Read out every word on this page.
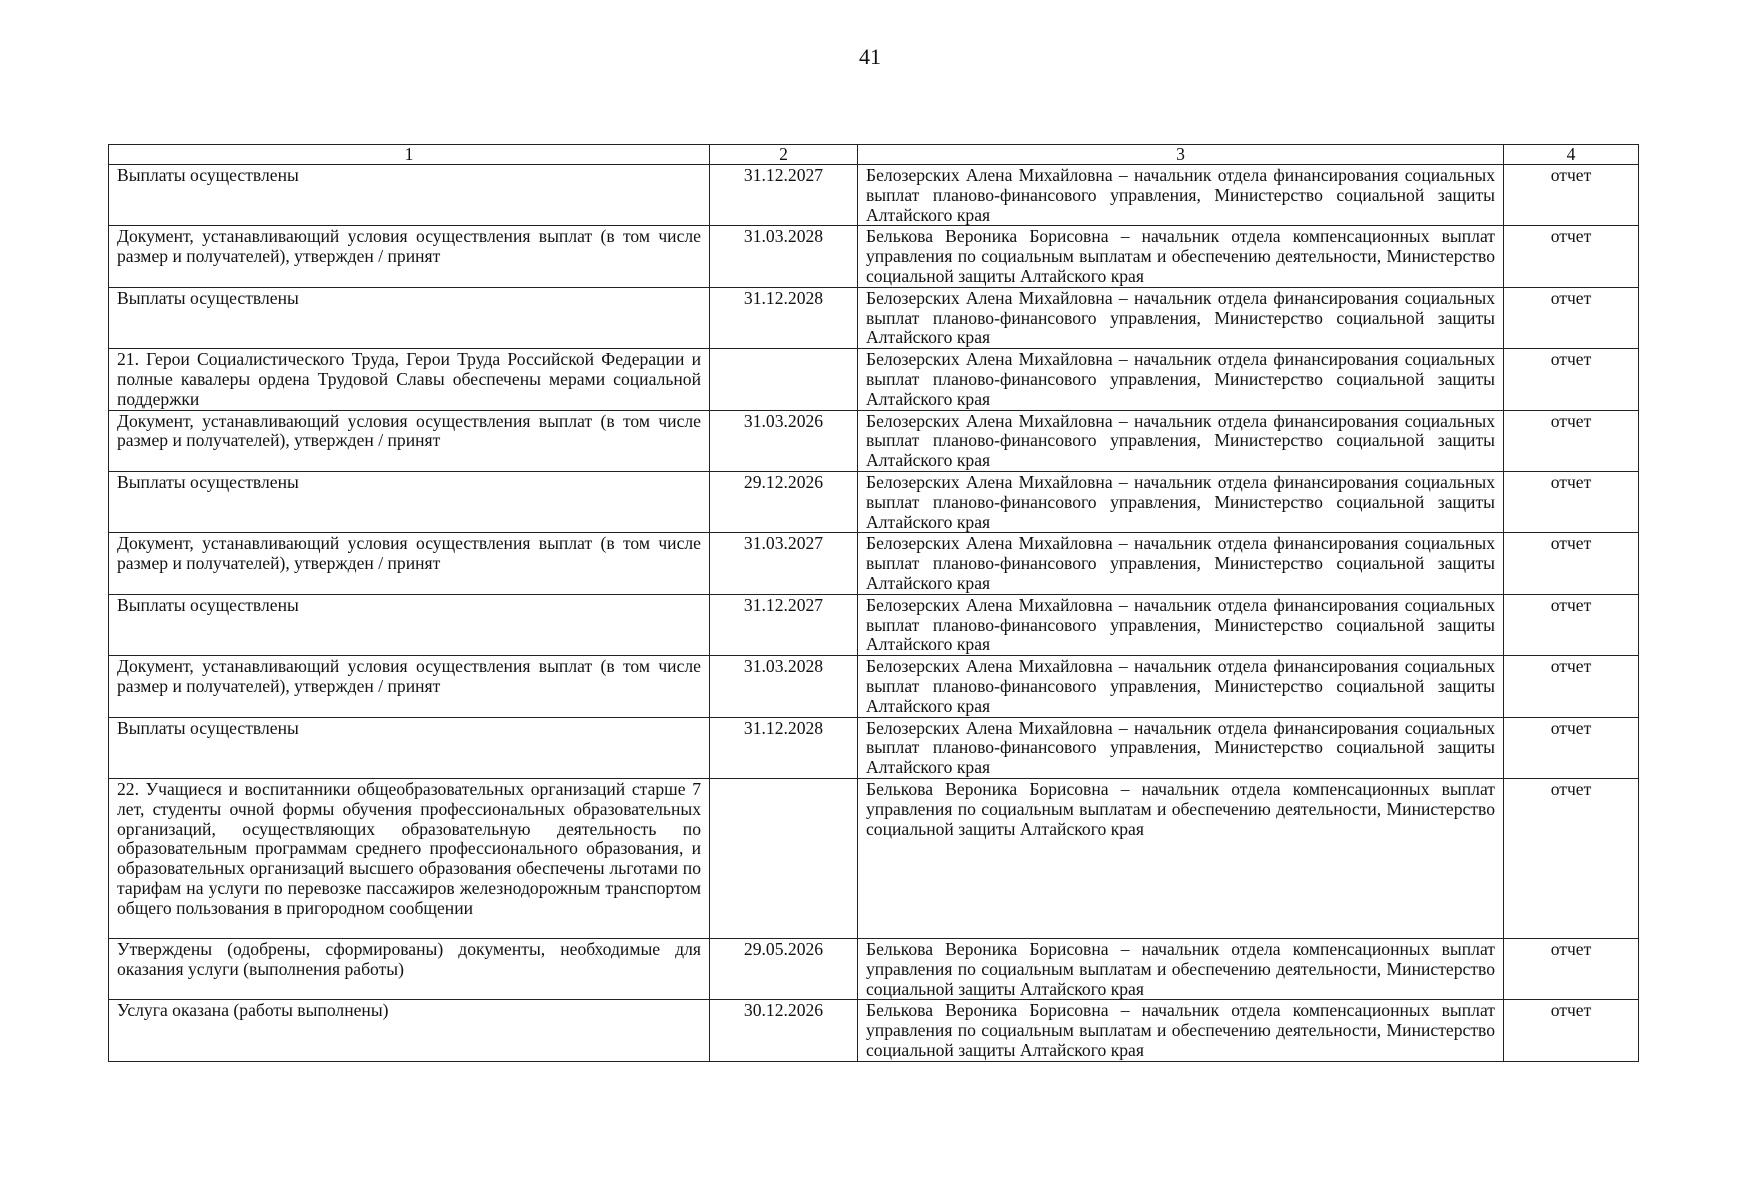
41
1	2	3	4
Выплаты осуществлены	31.12.2027	Белозерских Алена Михайловна – начальник отдела финансирования социальных выплат планово-финансового управления, Министерство социальной защиты Алтайского края	отчет
Документ, устанавливающий условия осуществления выплат (в том числе размер и получателей), утвержден / принят	31.03.2028	Белькова Вероника Борисовна – начальник отдела компенсационных выплат управления по социальным выплатам и обеспечению деятельности, Министерство социальной защиты Алтайского края	отчет
Выплаты осуществлены	31.12.2028	Белозерских Алена Михайловна – начальник отдела финансирования социальных выплат планово-финансового управления, Министерство социальной защиты Алтайского края	отчет
21. Герои Социалистического Труда, Герои Труда Российской Федерации и полные кавалеры ордена Трудовой Славы обеспечены мерами социальной поддержки		Белозерских Алена Михайловна – начальник отдела финансирования социальных выплат планово-финансового управления, Министерство социальной защиты Алтайского края	отчет
Документ, устанавливающий условия осуществления выплат (в том числе размер и получателей), утвержден / принят	31.03.2026	Белозерских Алена Михайловна – начальник отдела финансирования социальных выплат планово-финансового управления, Министерство социальной защиты Алтайского края	отчет
Выплаты осуществлены	29.12.2026	Белозерских Алена Михайловна – начальник отдела финансирования социальных выплат планово-финансового управления, Министерство социальной защиты Алтайского края	отчет
Документ, устанавливающий условия осуществления выплат (в том числе размер и получателей), утвержден / принят	31.03.2027	Белозерских Алена Михайловна – начальник отдела финансирования социальных выплат планово-финансового управления, Министерство социальной защиты Алтайского края	отчет
Выплаты осуществлены	31.12.2027	Белозерских Алена Михайловна – начальник отдела финансирования социальных выплат планово-финансового управления, Министерство социальной защиты Алтайского края	отчет
Документ, устанавливающий условия осуществления выплат (в том числе размер и получателей), утвержден / принят	31.03.2028	Белозерских Алена Михайловна – начальник отдела финансирования социальных выплат планово-финансового управления, Министерство социальной защиты Алтайского края	отчет
Выплаты осуществлены	31.12.2028	Белозерских Алена Михайловна – начальник отдела финансирования социальных выплат планово-финансового управления, Министерство социальной защиты Алтайского края	отчет
22. Учащиеся и воспитанники общеобразовательных организаций старше 7 лет, студенты очной формы обучения профессиональных образовательных организаций, осуществляющих образовательную деятельность по образовательным программам среднего профессионального образования, и образовательных организаций высшего образования обеспечены льготами по тарифам на услуги по перевозке пассажиров железнодорожным транспортом общего пользования в пригородном сообщении		Белькова Вероника Борисовна – начальник отдела компенсационных выплат управления по социальным выплатам и обеспечению деятельности, Министерство социальной защиты Алтайского края	отчет
Утверждены (одобрены, сформированы) документы, необходимые для оказания услуги (выполнения работы)	29.05.2026	Белькова Вероника Борисовна – начальник отдела компенсационных выплат управления по социальным выплатам и обеспечению деятельности, Министерство социальной защиты Алтайского края	отчет
Услуга оказана (работы выполнены)	30.12.2026	Белькова Вероника Борисовна – начальник отдела компенсационных выплат управления по социальным выплатам и обеспечению деятельности, Министерство социальной защиты Алтайского края	отчет
